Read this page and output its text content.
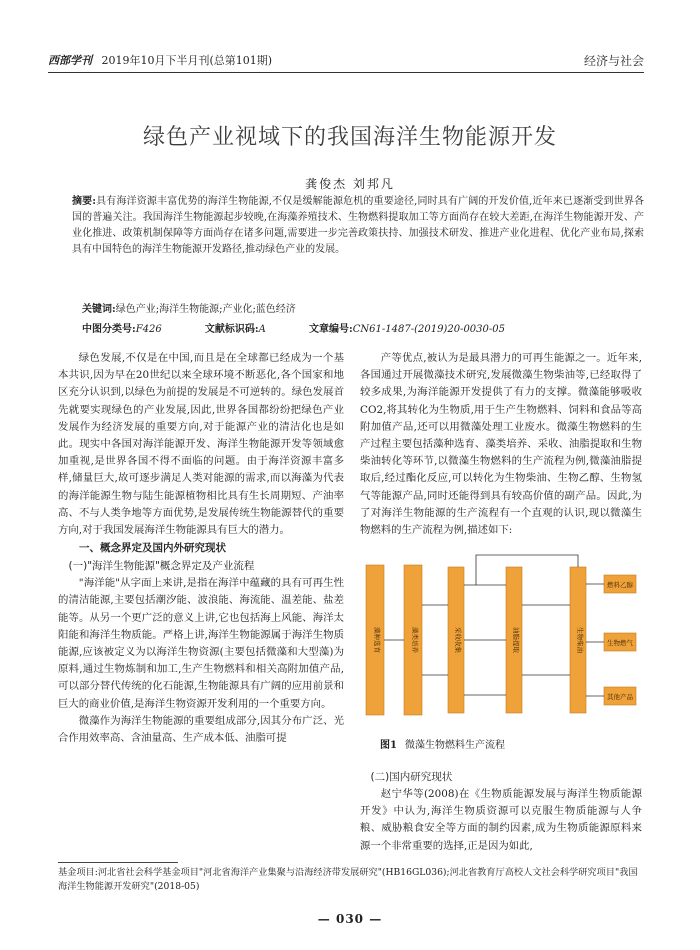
西部学刊 2019年10月下半月刊(总第101期)	经济与社会
绿色产业视域下的我国海洋生物能源开发
龚俊杰 刘邦凡
摘要:具有海洋资源丰富优势的海洋生物能源,不仅是缓解能源危机的重要途径,同时具有广阔的开发价值,近年来已逐渐受到世界各国的普遍关注。我国海洋生物能源起步较晚,在海藻养殖技术、生物燃料提取加工等方面尚存在较大差距,在海洋生物能源开发、产业化推进、政策机制保障等方面尚存在诸多问题,需要进一步完善政策扶持、加强技术研发、推进产业化进程、优化产业布局,探索具有中国特色的海洋生物能源开发路径,推动绿色产业的发展。
关键词:绿色产业;海洋生物能源;产业化;蓝色经济
中图分类号:F426	文献标识码:A	文章编号:CN61-1487-(2019)20-0030-05

绿色发展,不仅是在中国,而且是在全球都已经成为一个基本共识,因为早在20世纪以来全球环境不断恶化,各个国家和地区充分认识到,以绿色为前提的发展是不可逆转的。绿色发展首先就要实现绿色的产业发展,因此,世界各国都纷纷把绿色产业发展作为经济发展的重要方向,对于能源产业的清洁化也是如此。现实中各国对海洋能源开发、海洋生物能源开发等领域愈加重视,是世界各国不得不面临的问题。由于海洋资源丰富多样,储量巨大,故可逐步满足人类对能源的需求,而以海藻为代表的海洋能源生物与陆生能源植物相比具有生长周期短、产油率高、不与人类争地等方面优势,是发展传统生物能源替代的重要方向,对于我国发展海洋生物能源具有巨大的潜力。

一、概念界定及国内外研究现状
(一)"海洋生物能源"概念界定及产业流程

"海洋能"从字面上来讲,是指在海洋中蕴藏的具有可再生性的清洁能源,主要包括潮汐能、波浪能、海流能、温差能、盐差能等。从另一个更广泛的意义上讲,它也包括海上风能、海洋太阳能和海洋生物质能。严格上讲,海洋生物能源属于海洋生物质能源,应该被定义为以海洋生物资源(主要包括微藻和大型藻)为原料,通过生物炼制和加工,生产生物燃料和相关高附加值产品,可以部分替代传统的化石能源,生物能源具有广阔的应用前景和巨大的商业价值,是海洋生物资源开发利用的一个重要方向。

微藻作为海洋生物能源的重要组成部分,因其分布广泛、光合作用效率高、含油量高、生产成本低、油脂可提

产等优点,被认为是最具潜力的可再生能源之一。近年来,各国通过开展微藻技术研究,发展微藻生物柴油等,已经取得了较多成果,为海洋能源开发提供了有力的支撑。微藻能够吸收CO2,将其转化为生物质,用于生产生物燃料、饲料和食品等高附加值产品,还可以用微藻处理工业废水。微藻生物燃料的生产过程主要包括藻种选育、藻类培养、采收、油脂提取和生物柴油转化等环节,以微藻生物燃料的生产流程为例,微藻油脂提取后,经过酯化反应,可以转化为生物柴油、生物乙醇、生物氢气等能源产品,同时还能得到具有较高价值的副产品。因此,为了对海洋生物能源的生产流程有一个直观的认识,现以微藻生物燃料的生产流程为例,描述如下:

藻种选育	藻类培养	采收收集	油脂提取	生物柴油
燃料乙醇
生物燃气
其他产品
图1 微藻生物燃料生产流程
(二)国内研究现状

赵宁华等(2008)在《生物质能源发展与海洋生物质能源开发》中认为,海洋生物质资源可以克服生物质能源与人争粮、威胁粮食安全等方面的制约因素,成为生物质能源原料来源一个非常重要的选择,正是因为如此,

基金项目:河北省社会科学基金项目"河北省海洋产业集聚与沿海经济带发展研究"(HB16GL036);河北省教育厅高校人文社会科学研究项目"我国海洋生物能源开发研究"(2018-05)
— 030 —
